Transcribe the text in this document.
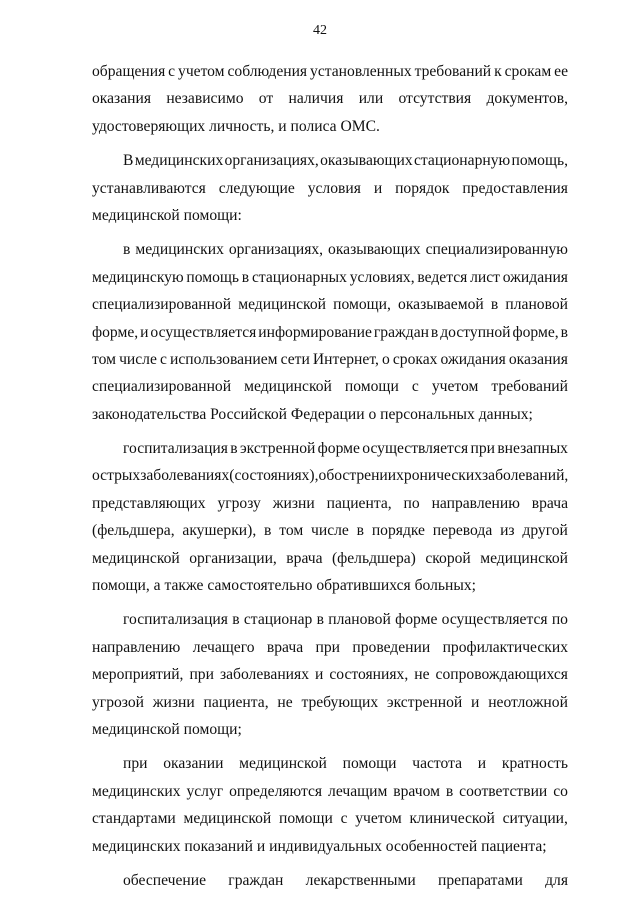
42
обращения с учетом соблюдения установленных требований к срокам ее
оказания независимо от наличия или отсутствия документов,
удостоверяющих личность, и полиса ОМС.
В медицинских организациях, оказывающих стационарную помощь,
устанавливаются следующие условия и порядок предоставления
медицинской помощи:
в медицинских организациях, оказывающих специализированную
медицинскую помощь в стационарных условиях, ведется лист ожидания
специализированной медицинской помощи, оказываемой в плановой
форме, и осуществляется информирование граждан в доступной форме, в
том числе с использованием сети Интернет, о сроках ожидания оказания
специализированной медицинской помощи с учетом требований
законодательства Российской Федерации о персональных данных;
госпитализация в экстренной форме осуществляется при внезапных
острых заболеваниях (состояниях), обострении хронических заболеваний,
представляющих угрозу жизни пациента, по направлению врача
(фельдшера, акушерки), в том числе в порядке перевода из другой
медицинской организации, врача (фельдшера) скорой медицинской
помощи, а также самостоятельно обратившихся больных;
госпитализация в стационар в плановой форме осуществляется по
направлению лечащего врача при проведении профилактических
мероприятий, при заболеваниях и состояниях, не сопровождающихся
угрозой жизни пациента, не требующих экстренной и неотложной
медицинской помощи;
при оказании медицинской помощи частота и кратность
медицинских услуг определяются лечащим врачом в соответствии со
стандартами медицинской помощи с учетом клинической ситуации,
медицинских показаний и индивидуальных особенностей пациента;
обеспечение граждан лекарственными препаратами для
